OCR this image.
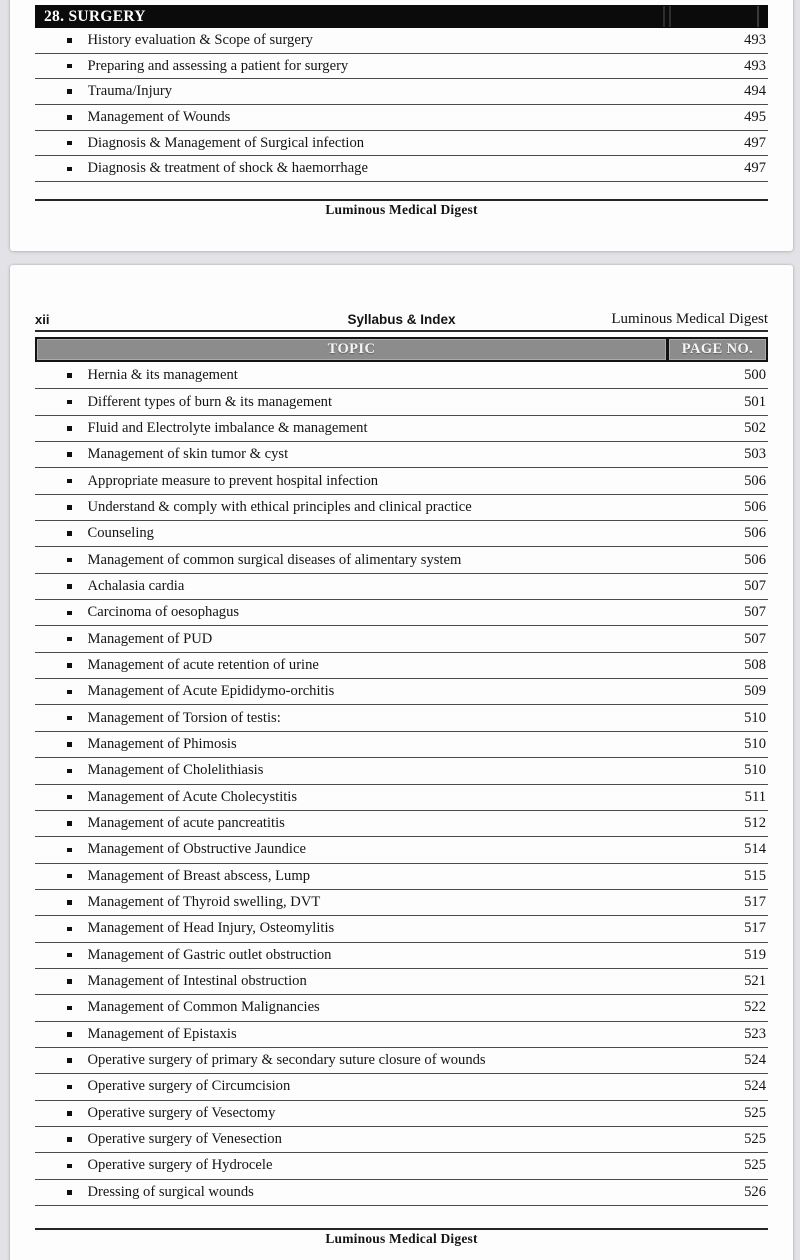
28. SURGERY
History evaluation & Scope of surgery	493
Preparing and assessing a patient for surgery	493
Trauma/Injury	494
Management of Wounds	495
Diagnosis & Management of Surgical infection	497
Diagnosis & treatment of shock & haemorrhage	497
Luminous Medical Digest
xii	Syllabus & Index	Luminous Medical Digest
TOPIC	PAGE NO.
Hernia & its management	500
Different types of burn & its management	501
Fluid and Electrolyte imbalance & management	502
Management of skin tumor & cyst	503
Appropriate measure to prevent hospital infection	506
Understand & comply with ethical principles and clinical practice	506
Counseling	506
Management of common surgical diseases of alimentary system	506
Achalasia cardia	507
Carcinoma of oesophagus	507
Management of PUD	507
Management of acute retention of urine	508
Management of Acute Epididymo-orchitis	509
Management of Torsion of testis:	510
Management of Phimosis	510
Management of Cholelithiasis	510
Management of Acute Cholecystitis	511
Management of acute pancreatitis	512
Management of Obstructive Jaundice	514
Management of Breast abscess, Lump	515
Management of Thyroid swelling, DVT	517
Management of Head Injury, Osteomylitis	517
Management of Gastric outlet obstruction	519
Management of Intestinal obstruction	521
Management of Common Malignancies	522
Management of Epistaxis	523
Operative surgery of primary & secondary suture closure of wounds	524
Operative surgery of Circumcision	524
Operative surgery of Vesectomy	525
Operative surgery of Venesection	525
Operative surgery of Hydrocele	525
Dressing of surgical wounds	526
Luminous Medical Digest
